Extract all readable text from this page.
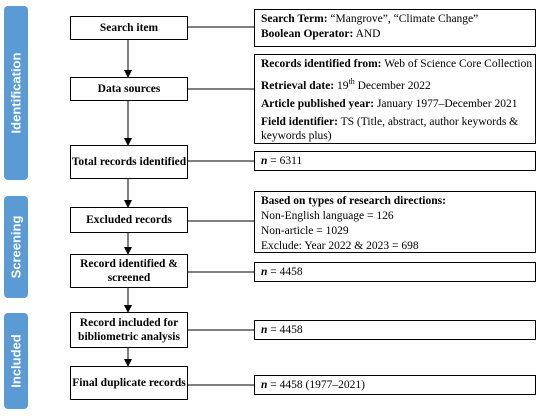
Identification
Screening
Included
Search item
Data sources
Total records identified
Excluded records
Record identified & screened
Record included for bibliometric analysis
Final duplicate records
Search Term: “Mangrove”, “Climate Change”
Boolean Operator: AND
Records identified from: Web of Science Core Collection
Retrieval date: 19th December 2022
Article published year: January 1977–December 2021
Field identifier: TS (Title, abstract, author keywords & keywords plus)
n = 6311
Based on types of research directions:
Non-English language = 126
Non-article = 1029
Exclude: Year 2022 & 2023 = 698
n = 4458
n = 4458
n = 4458 (1977–2021)
